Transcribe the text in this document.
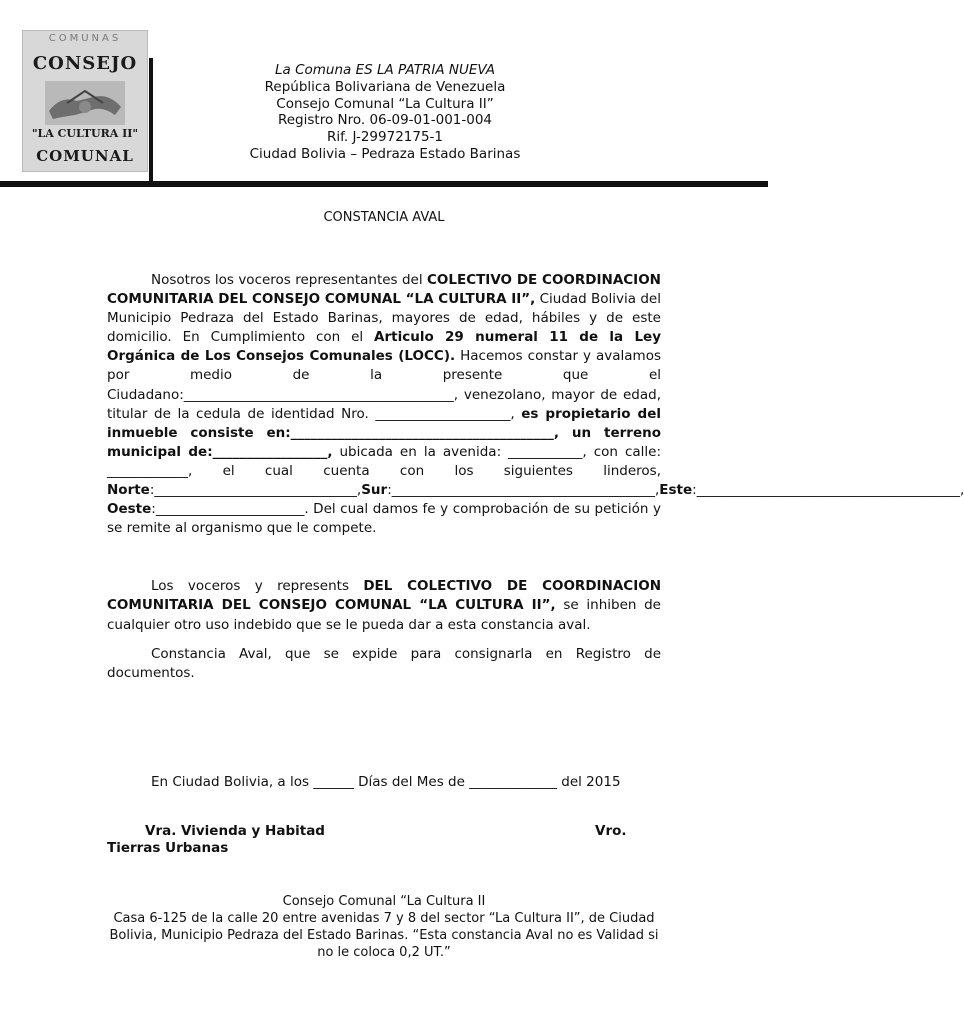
COMUNAS
CONSEJO
"LA CULTURA II"
COMUNAL
La Comuna ES LA PATRIA NUEVA
República Bolivariana de Venezuela
Consejo Comunal “La Cultura II”
Registro Nro. 06-09-01-001-004
Rif. J-29972175-1
Ciudad Bolivia – Pedraza Estado Barinas
CONSTANCIA AVAL

Nosotros los voceros representantes del COLECTIVO DE COORDINACION COMUNITARIA DEL CONSEJO COMUNAL “LA CULTURA II”, Ciudad Bolivia del Municipio Pedraza del Estado Barinas, mayores de edad, hábiles y de este domicilio. En Cumplimiento con el Articulo 29 numeral 11 de la Ley Orgánica de Los Consejos Comunales (LOCC). Hacemos constar y avalamos por medio de la presente que el Ciudadano:________________________________________, venezolano, mayor de edad, titular de la cedula de identidad Nro. ____________________, es propietario del inmueble consiste en:_______________________________________, un terreno municipal de:_________________, ubicada en la avenida: ___________, con calle: ____________, el cual cuenta con los siguientes linderos, Norte:______________________________,Sur:_______________________________________,Este:_______________________________________,
Oeste:______________________. Del cual damos fe y comprobación de su petición y se remite al organismo que le compete.

Los voceros y represents DEL COLECTIVO DE COORDINACION COMUNITARIA DEL CONSEJO COMUNAL “LA CULTURA II”, se inhiben de cualquier otro uso indebido que se le pueda dar a esta constancia aval.

Constancia Aval, que se expide para consignarla en Registro de documentos.

En Ciudad Bolivia, a los ______ Días del Mes de _____________ del 2015
Vra. Vivienda y Habitad	Vro.
Tierras Urbanas
Consejo Comunal “La Cultura II
Casa 6-125 de la calle 20 entre avenidas 7 y 8 del sector “La Cultura II”, de Ciudad Bolivia, Municipio Pedraza del Estado Barinas. “Esta constancia Aval no es Validad si no le coloca 0,2 UT.”
